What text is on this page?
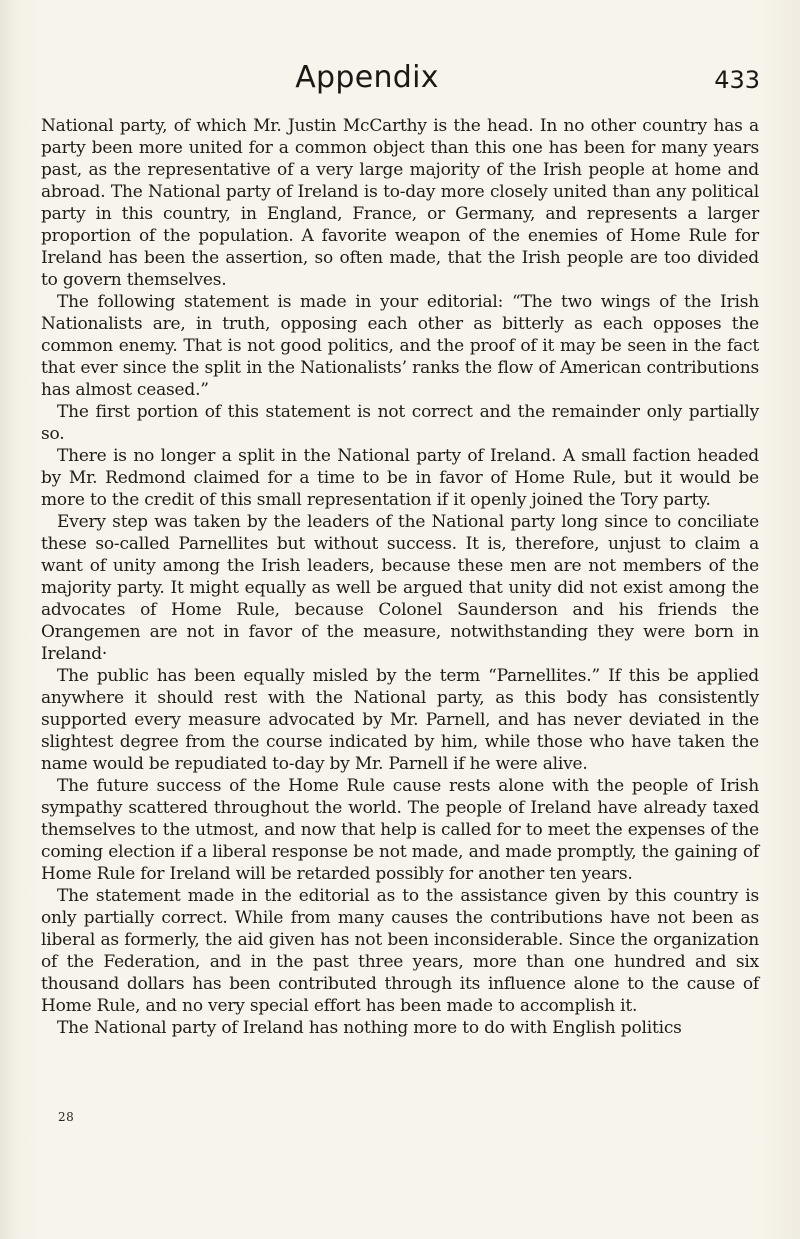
Appendix	433

National party, of which Mr. Justin McCarthy is the head. In no other country has a party been more united for a common object than this one has been for many years past, as the representative of a very large majority of the Irish people at home and abroad. The National party of Ireland is to-day more closely united than any political party in this country, in England, France, or Germany, and represents a larger proportion of the population. A favorite weapon of the enemies of Home Rule for Ireland has been the assertion, so often made, that the Irish people are too divided to govern themselves.

The following statement is made in your editorial: “The two wings of the Irish Nationalists are, in truth, opposing each other as bitterly as each opposes the common enemy. That is not good politics, and the proof of it may be seen in the fact that ever since the split in the Nationalists’ ranks the flow of American contributions has almost ceased.”

The first portion of this statement is not correct and the remainder only partially so.

There is no longer a split in the National party of Ireland. A small faction headed by Mr. Redmond claimed for a time to be in favor of Home Rule, but it would be more to the credit of this small representation if it openly joined the Tory party.

Every step was taken by the leaders of the National party long since to conciliate these so-called Parnellites but without success. It is, therefore, unjust to claim a want of unity among the Irish leaders, because these men are not members of the majority party. It might equally as well be argued that unity did not exist among the advocates of Home Rule, because Colonel Saunderson and his friends the Orangemen are not in favor of the measure, notwithstanding they were born in Ireland·

The public has been equally misled by the term “Parnellites.” If this be applied anywhere it should rest with the National party, as this body has consistently supported every measure advocated by Mr. Parnell, and has never deviated in the slightest degree from the course indicated by him, while those who have taken the name would be repudiated to-day by Mr. Parnell if he were alive.

The future success of the Home Rule cause rests alone with the people of Irish sympathy scattered throughout the world. The people of Ireland have already taxed themselves to the utmost, and now that help is called for to meet the expenses of the coming election if a liberal response be not made, and made promptly, the gaining of Home Rule for Ireland will be retarded possibly for another ten years.

The statement made in the editorial as to the assistance given by this country is only partially correct. While from many causes the contributions have not been as liberal as formerly, the aid given has not been inconsiderable. Since the organization of the Federation, and in the past three years, more than one hundred and six thousand dollars has been contributed through its influence alone to the cause of Home Rule, and no very special effort has been made to accomplish it.

The National party of Ireland has nothing more to do with English politics

28
